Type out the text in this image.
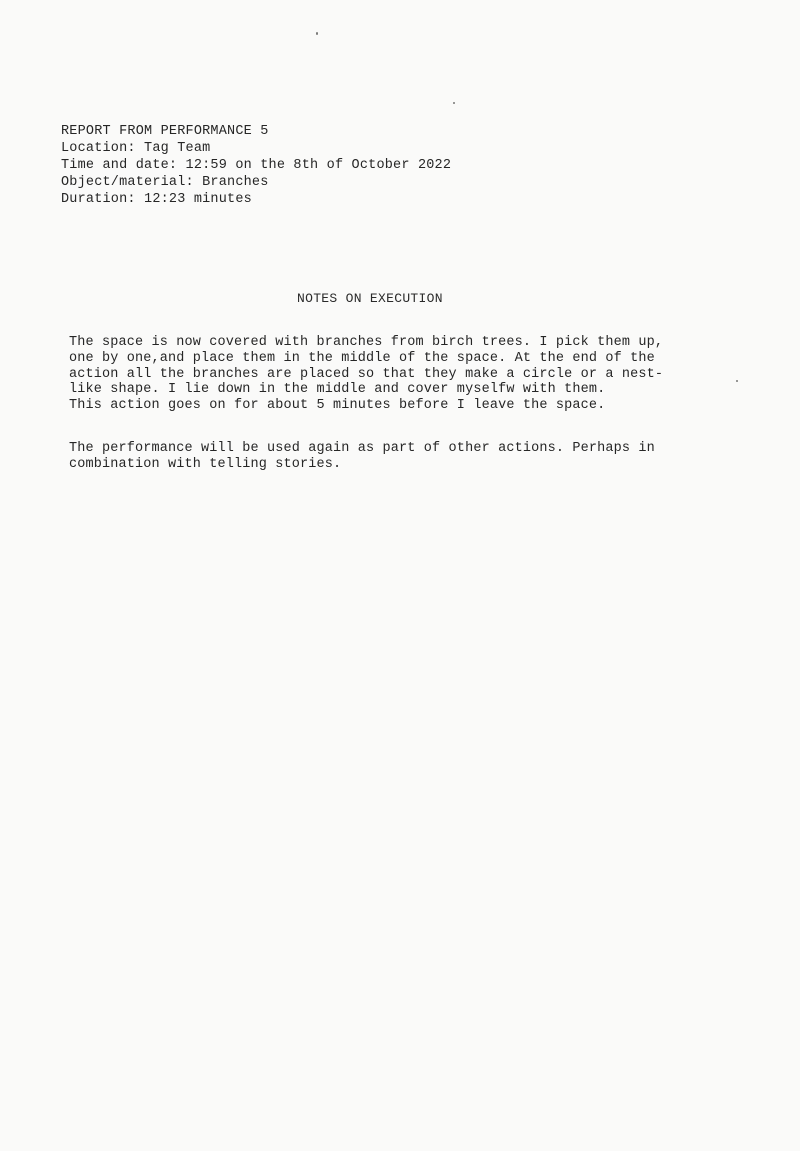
REPORT FROM PERFORMANCE 5
Location: Tag Team
Time and date: 12:59 on the 8th of October 2022
Object/material: Branches
Duration: 12:23 minutes
NOTES ON EXECUTION
The space is now covered with branches from birch trees. I pick them up,
one by one,and place them in the middle of the space. At the end of the
action all the branches are placed so that they make a circle or a nest-
like shape. I lie down in the middle and cover myselfw with them.
This action goes on for about 5 minutes before I leave the space.
The performance will be used again as part of other actions. Perhaps in
combination with telling stories.
